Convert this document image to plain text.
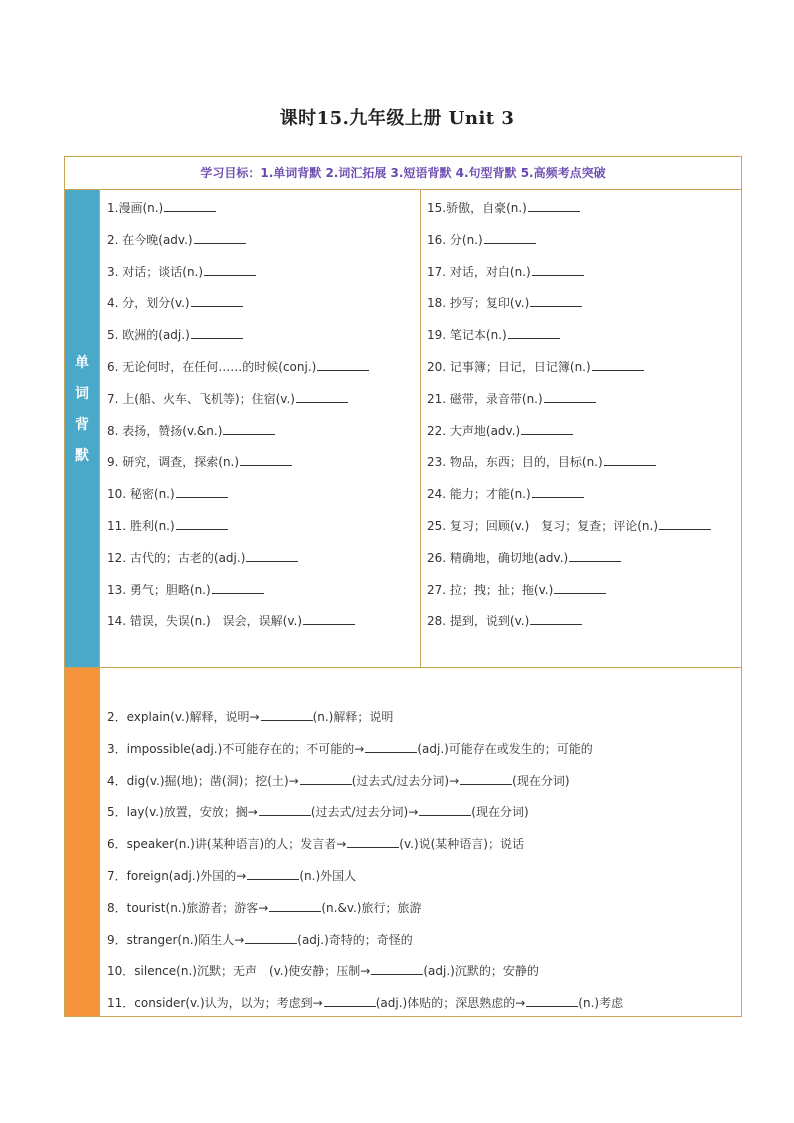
课时15.九年级上册 Unit 3
学习目标：1.单词背默 2.词汇拓展 3.短语背默 4.句型背默 5.高频考点突破
单
词
背
默
1.漫画(n.)
2. 在今晚(adv.)
3. 对话；谈话(n.)
4. 分，划分(v.)
5. 欧洲的(adj.)
6. 无论何时，在任何……的时候(conj.)
7. 上(船、火车、飞机等)；住宿(v.)
8. 表扬，赞扬(v.&n.)
9. 研究，调查，探索(n.)
10. 秘密(n.)
11. 胜利(n.)
12. 古代的；古老的(adj.)
13. 勇气；胆略(n.)
14. 错误，失误(n.)　误会，误解(v.)
15.骄傲，自豪(n.)
16. 分(n.)
17. 对话，对白(n.)
18. 抄写；复印(v.)
19. 笔记本(n.)
20. 记事簿；日记，日记簿(n.)
21. 磁带，录音带(n.)
22. 大声地(adv.)
23. 物品，东西；目的，目标(n.)
24. 能力；才能(n.)
25. 复习；回顾(v.)　复习；复查；评论(n.)
26. 精确地，确切地(adv.)
27. 拉；拽；扯；拖(v.)
28. 提到，说到(v.)
2．explain(v.)解释，说明→	(n.)解释；说明
3．impossible(adj.)不可能存在的；不可能的→	(adj.)可能存在或发生的；可能的
4．dig(v.)掘(地)；凿(洞)；挖(土)→	(过去式/过去分词)→	(现在分词)
5．lay(v.)放置，安放；搁→	(过去式/过去分词)→	(现在分词)
6．speaker(n.)讲(某种语言)的人；发言者→	(v.)说(某种语言)；说话
7．foreign(adj.)外国的→	(n.)外国人
8．tourist(n.)旅游者；游客→	(n.&v.)旅行；旅游
9．stranger(n.)陌生人→	(adj.)奇特的；奇怪的
10．silence(n.)沉默；无声　(v.)使安静；压制→	(adj.)沉默的；安静的
11．consider(v.)认为，以为；考虑到→	(adj.)体贴的；深思熟虑的→	(n.)考虑
